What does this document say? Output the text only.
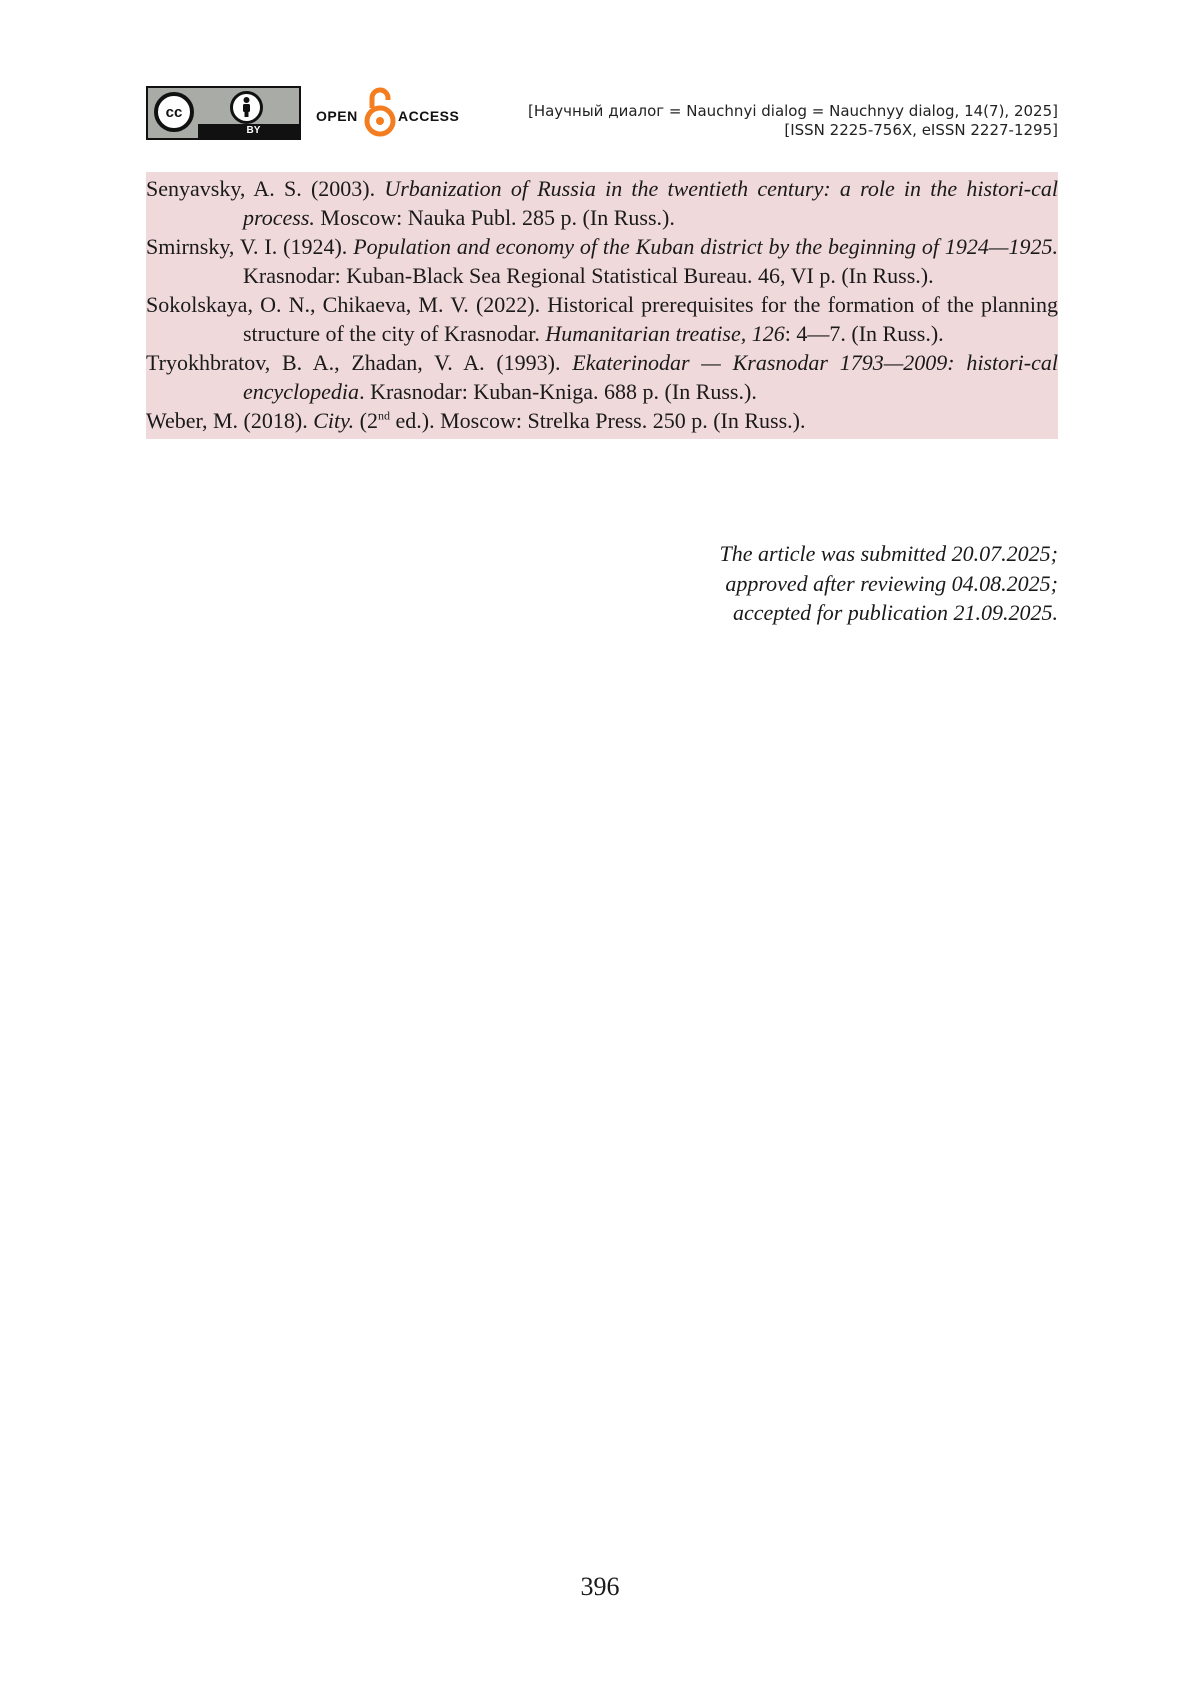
cc
BY
OPEN	ACCESS	[Научный диалог = Nauchnyi dialog = Nauchnyy dialog, 14(7), 2025]
[ISSN 2225-756X, eISSN 2227-1295]

Senyavsky, A. S. (2003). Urbanization of Russia in the twentieth century: a role in the histori-cal process. Moscow: Nauka Publ. 285 p. (In Russ.).

Smirnsky, V. I. (1924). Population and economy of the Kuban district by the beginning of 1924—1925. Krasnodar: Kuban-Black Sea Regional Statistical Bureau. 46, VI p. (In Russ.).

Sokolskaya, O. N., Chikaeva, M. V. (2022). Historical prerequisites for the formation of the planning structure of the city of Krasnodar. Humanitarian treatise, 126: 4—7. (In Russ.).

Tryokhbratov, B. A., Zhadan, V. A. (1993). Ekaterinodar — Krasnodar 1793—2009: histori-cal encyclopedia. Krasnodar: Kuban-Kniga. 688 p. (In Russ.).

Weber, M. (2018). City. (2nd ed.). Moscow: Strelka Press. 250 p. (In Russ.).

The article was submitted 20.07.2025;
approved after reviewing 04.08.2025;
accepted for publication 21.09.2025.
396
